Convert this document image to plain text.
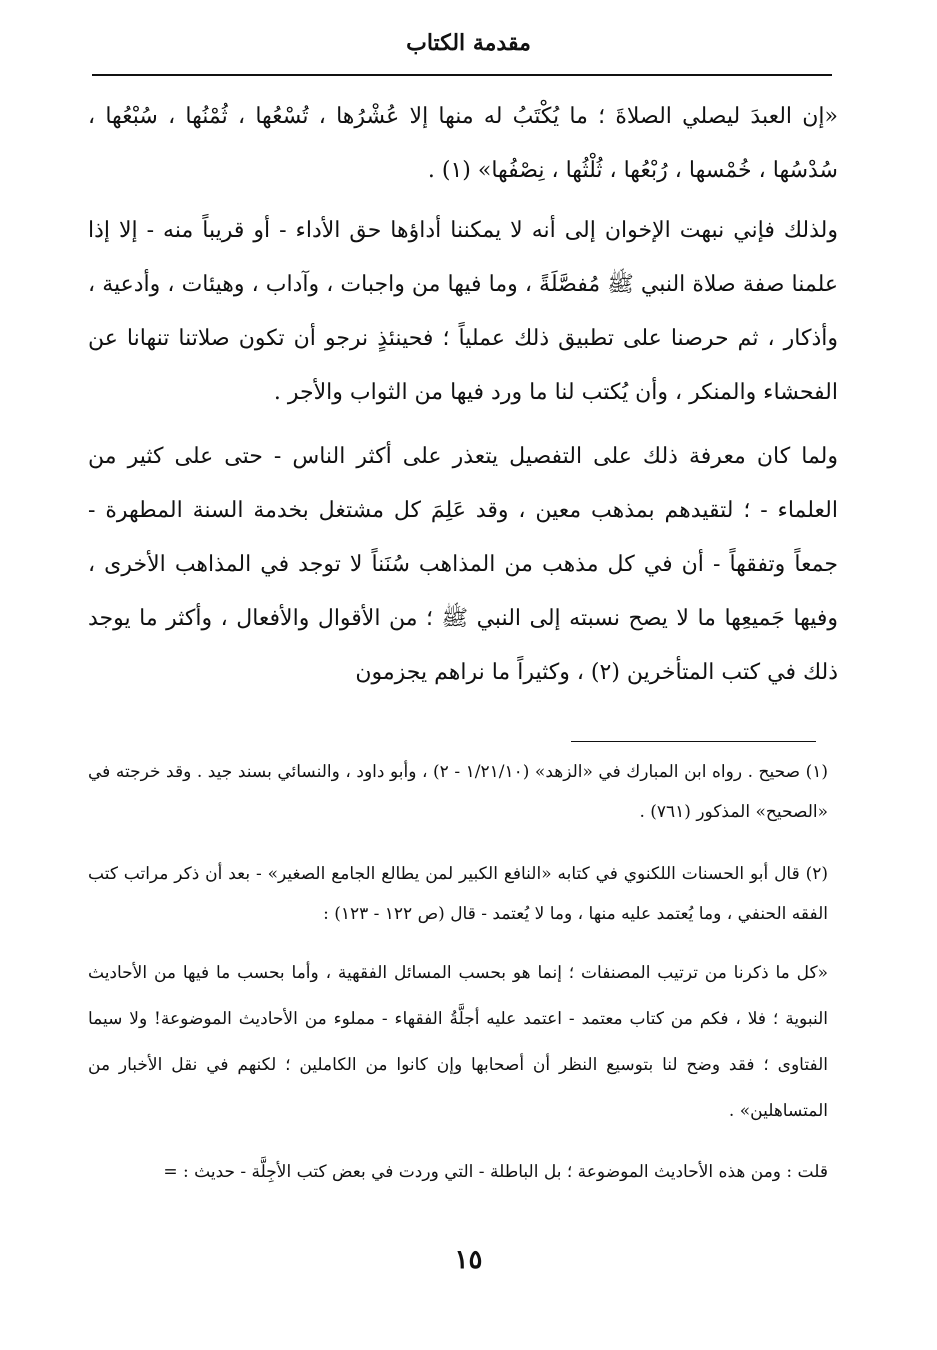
مقدمة الكتاب

«إن العبدَ ليصلي الصلاةَ ؛ ما يُكْتَبُ له منها إلا عُشْرُها ، تُسْعُها ، ثُمْنُها ، سُبْعُها ، سُدْسُها ، خُمْسها ، رُبْعُها ، ثُلْثُها ، نِصْفُها» (١) .

ولذلك فإني نبهت الإخوان إلى أنه لا يمكننا أداؤها حق الأداء - أو قريباً منه - إلا إذا علمنا صفة صلاة النبي ﷺ مُفصَّلَةً ، وما فيها من واجبات ، وآداب ، وهيئات ، وأدعية ، وأذكار ، ثم حرصنا على تطبيق ذلك عملياً ؛ فحينئذٍ نرجو أن تكون صلاتنا تنهانا عن الفحشاء والمنكر ، وأن يُكتب لنا ما ورد فيها من الثواب والأجر .

ولما كان معرفة ذلك على التفصيل يتعذر على أكثر الناس - حتى على كثير من العلماء - ؛ لتقيدهم بمذهب معين ، وقد عَلِمَ كل مشتغل بخدمة السنة المطهرة - جمعاً وتفقهاً - أن في كل مذهب من المذاهب سُنَناً لا توجد في المذاهب الأخرى ، وفيها جَميعِها ما لا يصح نسبته إلى النبي ﷺ ؛ من الأقوال والأفعال ، وأكثر ما يوجد ذلك في كتب المتأخرين (٢) ، وكثيراً ما نراهم يجزمون

(١) صحيح . رواه ابن المبارك في «الزهد» (١/٢١/١٠ - ٢) ، وأبو داود ، والنسائي بسند جيد . وقد خرجته في «الصحيح» المذكور (٧٦١) .

(٢) قال أبو الحسنات اللكنوي في كتابه «النافع الكبير لمن يطالع الجامع الصغير» - بعد أن ذكر مراتب كتب الفقه الحنفي ، وما يُعتمد عليه منها ، وما لا يُعتمد - قال (ص ١٢٢ - ١٢٣) :

«كل ما ذكرنا من ترتيب المصنفات ؛ إنما هو بحسب المسائل الفقهية ، وأما بحسب ما فيها من الأحاديث النبوية ؛ فلا ، فكم من كتاب معتمد - اعتمد عليه أجلَّةُ الفقهاء - مملوء من الأحاديث الموضوعة! ولا سيما الفتاوى ؛ فقد وضح لنا بتوسيع النظر أن أصحابها وإن كانوا من الكاملين ؛ لكنهم في نقل الأخبار من المتساهلين» .

قلت : ومن هذه الأحاديث الموضوعة ؛ بل الباطلة - التي وردت في بعض كتب الأجِلَّة - حديث : =

١٥
